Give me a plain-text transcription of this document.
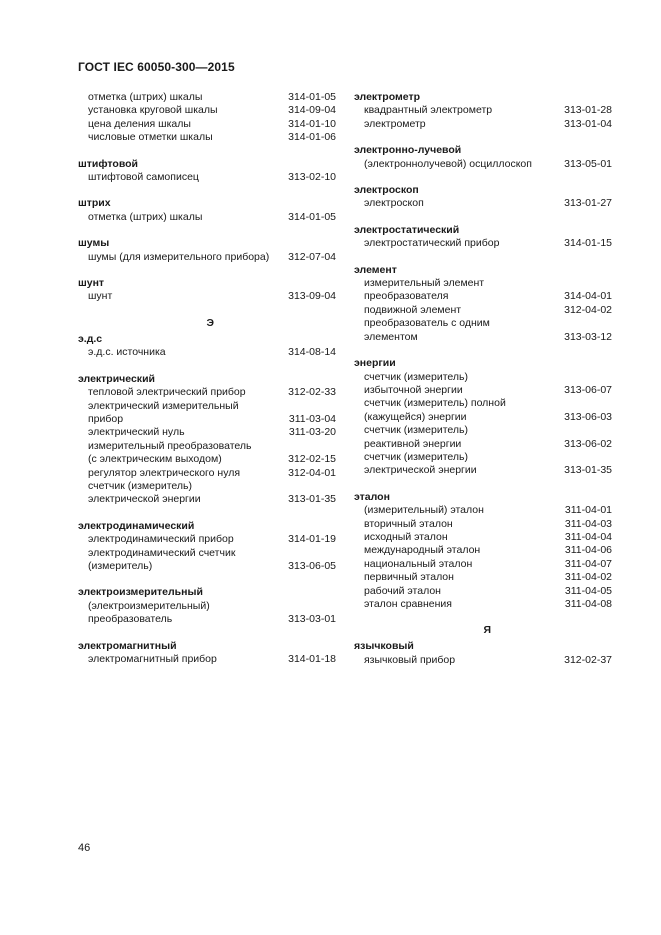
ГОСТ IEC 60050-300—2015
отметка (штрих) шкалы	314-01-05
установка круговой шкалы	314-09-04
цена деления шкалы	314-01-10
числовые отметки шкалы	314-01-06
штифтовой
штифтовой самописец	313-02-10
штрих
отметка (штрих) шкалы	314-01-05
шумы
шумы (для измерительного прибора) 312-07-04
шунт
шунт	313-09-04
Э
э.д.с
э.д.с. источника	314-08-14
электрический
тепловой электрический прибор	312-02-33
электрический измерительный
прибор	311-03-04
электрический нуль	311-03-20
измерительный преобразователь
(с электрическим выходом)	312-02-15
регулятор электрического нуля	312-04-01
счетчик (измеритель)
электрической энергии	313-01-35
электродинамический
электродинамический прибор	314-01-19
электродинамический счетчик
(измеритель)	313-06-05
электроизмерительный
(электроизмерительный)
преобразователь	313-03-01
электромагнитный
электромагнитный прибор	314-01-18
электрометр
квадрантный электрометр	313-01-28
электрометр	313-01-04
электронно-лучевой
(электроннолучевой) осциллоскоп	313-05-01
электроскоп
электроскоп	313-01-27
электростатический
электростатический прибор	314-01-15
элемент
измерительный элемент
преобразователя	314-04-01
подвижной элемент	312-04-02
преобразователь с одним
элементом	313-03-12
энергии
счетчик (измеритель)
избыточной энергии	313-06-07
счетчик (измеритель) полной
(кажущейся) энергии	313-06-03
счетчик (измеритель)
реактивной энергии	313-06-02
счетчик (измеритель)
электрической энергии	313-01-35
эталон
(измерительный) эталон	311-04-01
вторичный эталон	311-04-03
исходный эталон	311-04-04
международный эталон	311-04-06
национальный эталон	311-04-07
первичный эталон	311-04-02
рабочий эталон	311-04-05
эталон сравнения	311-04-08
Я
язычковый
язычковый прибор	312-02-37
46
